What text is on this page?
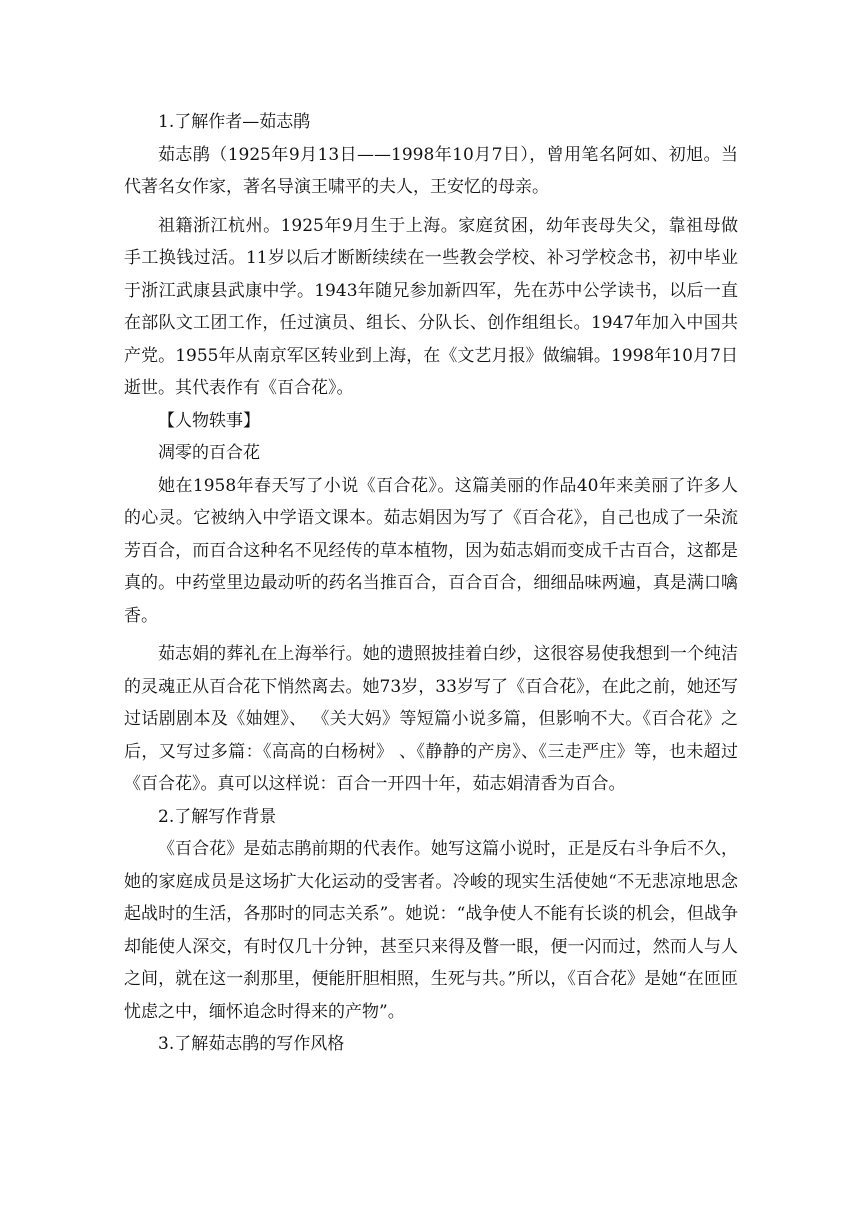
1.了解作者—茹志鹃

茹志鹃（1925年9月13日——1998年10月7日），曾用笔名阿如、初旭。当代著名女作家，著名导演王啸平的夫人，王安忆的母亲。

祖籍浙江杭州。1925年9月生于上海。家庭贫困，幼年丧母失父，靠祖母做手工换钱过活。11岁以后才断断续续在一些教会学校、补习学校念书，初中毕业于浙江武康县武康中学。1943年随兄参加新四军，先在苏中公学读书，以后一直在部队文工团工作，任过演员、组长、分队长、创作组组长。1947年加入中国共产党。1955年从南京军区转业到上海，在《文艺月报》做编辑。1998年10月7日逝世。其代表作有《百合花》。

【人物轶事】

凋零的百合花

她在1958年春天写了小说《百合花》。这篇美丽的作品40年来美丽了许多人的心灵。它被纳入中学语文课本。茹志娟因为写了《百合花》，自己也成了一朵流芳百合，而百合这种名不见经传的草本植物，因为茹志娟而变成千古百合，这都是真的。中药堂里边最动听的药名当推百合，百合百合，细细品味两遍，真是满口噙香。

茹志娟的葬礼在上海举行。她的遗照披挂着白纱，这很容易使我想到一个纯洁的灵魂正从百合花下悄然离去。她73岁，33岁写了《百合花》，在此之前，她还写过话剧剧本及《妯娌》、 《关大妈》等短篇小说多篇，但影响不大。《百合花》之后，又写过多篇：《高高的白杨树》 、《静静的产房》、《三走严庄》等，也未超过《百合花》。真可以这样说：百合一开四十年，茹志娟清香为百合。

2.了解写作背景

《百合花》是茹志鹃前期的代表作。她写这篇小说时，正是反右斗争后不久，她的家庭成员是这场扩大化运动的受害者。冷峻的现实生活使她“不无悲凉地思念起战时的生活，各那时的同志关系”。她说：“战争使人不能有长谈的机会，但战争却能使人深交，有时仅几十分钟，甚至只来得及瞥一眼，便一闪而过，然而人与人之间，就在这一刹那里，便能肝胆相照，生死与共。”所以，《百合花》是她“在匝匝忧虑之中，缅怀追念时得来的产物”。

3.了解茹志鹃的写作风格
